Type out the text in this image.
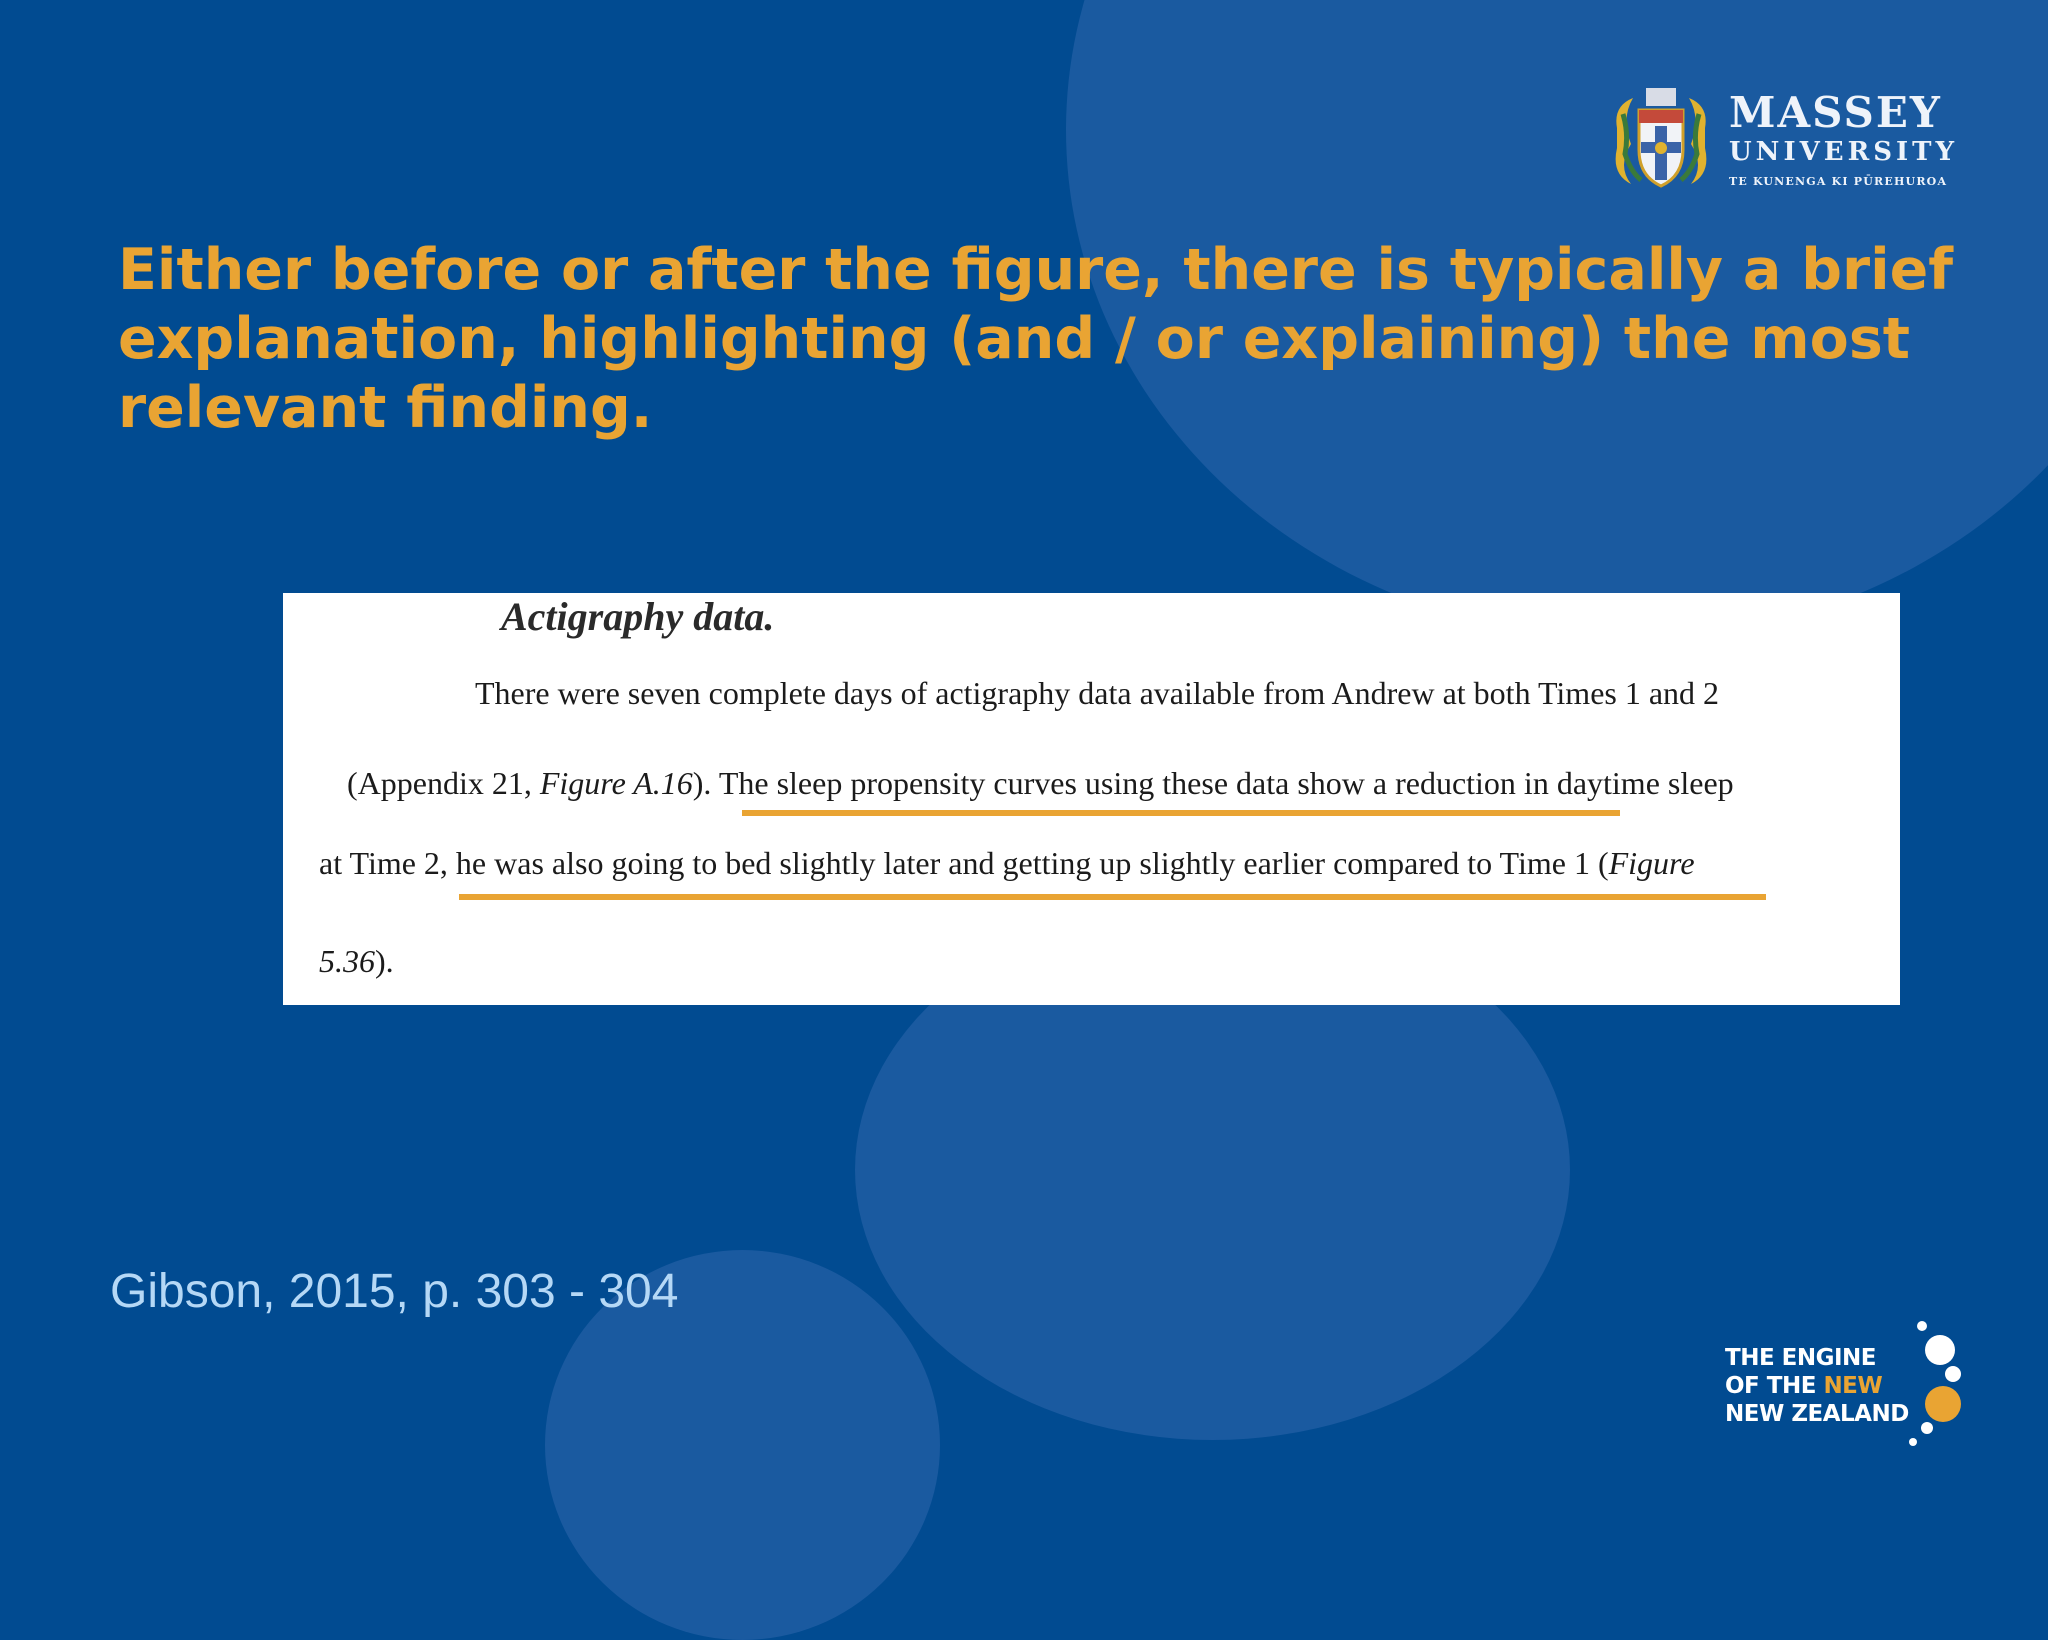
MASSEY
UNIVERSITY
TE KUNENGA KI PŪREHUROA
Either before or after the figure, there is typically a brief explanation, highlighting (and / or explaining) the most relevant finding.
Actigraphy data.
There were seven complete days of actigraphy data available from Andrew at both Times 1 and 2
(Appendix 21, Figure A.16). The sleep propensity curves using these data show a reduction in daytime sleep
at Time 2, he was also going to bed slightly later and getting up slightly earlier compared to Time 1 (Figure
5.36).

Gibson, 2015, p. 303 - 304

THE ENGINE
OF THE NEW
NEW ZEALAND
